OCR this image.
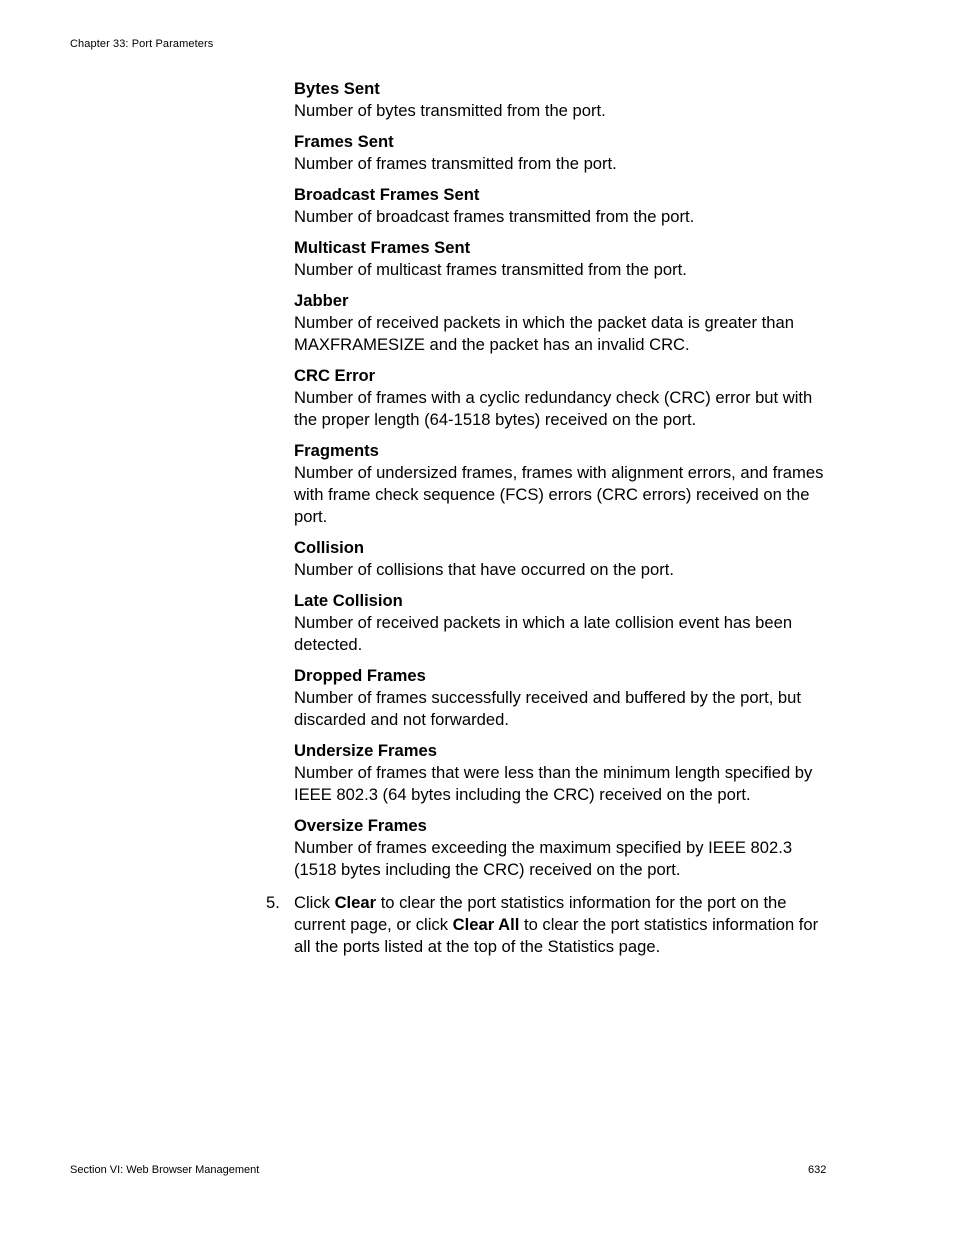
Chapter 33: Port Parameters
Bytes Sent
Number of bytes transmitted from the port.
Frames Sent
Number of frames transmitted from the port.
Broadcast Frames Sent
Number of broadcast frames transmitted from the port.
Multicast Frames Sent
Number of multicast frames transmitted from the port.
Jabber
Number of received packets in which the packet data is greater than MAXFRAMESIZE and the packet has an invalid CRC.
CRC Error
Number of frames with a cyclic redundancy check (CRC) error but with the proper length (64-1518 bytes) received on the port.
Fragments
Number of undersized frames, frames with alignment errors, and frames with frame check sequence (FCS) errors (CRC errors) received on the port.
Collision
Number of collisions that have occurred on the port.
Late Collision
Number of received packets in which a late collision event has been detected.
Dropped Frames
Number of frames successfully received and buffered by the port, but discarded and not forwarded.
Undersize Frames
Number of frames that were less than the minimum length specified by IEEE 802.3 (64 bytes including the CRC) received on the port.
Oversize Frames
Number of frames exceeding the maximum specified by IEEE 802.3 (1518 bytes including the CRC) received on the port.
5. Click Clear to clear the port statistics information for the port on the current page, or click Clear All to clear the port statistics information for all the ports listed at the top of the Statistics page.
Section VI: Web Browser Management	632
